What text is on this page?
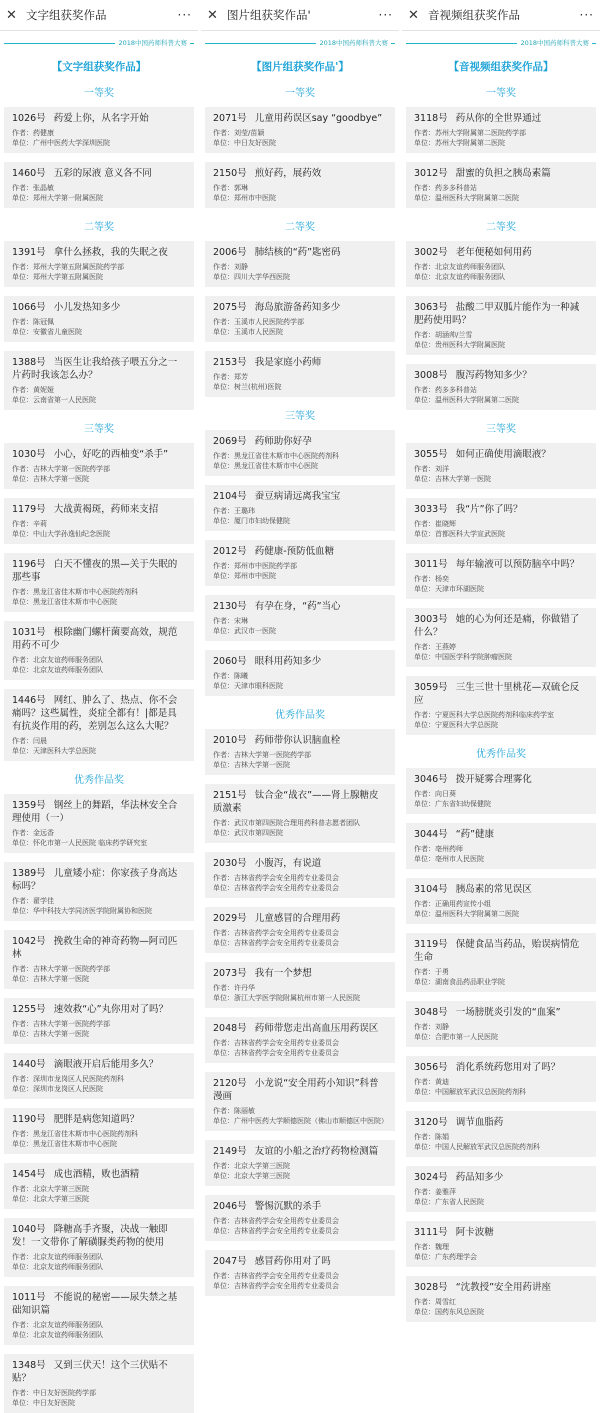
✕ 文字组获奖作品	···
2018中国药师科普大赛
【文字组获奖作品】
一等奖
1026号 药爱上你，从名字开始
作者：药健康
单位：广州中医药大学深圳医院
1460号 五彩的尿液 意义各不同
作者：张晶敏
单位：郑州大学第一附属医院
二等奖
1391号 拿什么拯救，我的失眠之夜
作者：郑州大学第五附属医院药学部
单位：郑州大学第五附属医院
1066号 小儿发热知多少
作者：陈冠佩
单位：安徽省儿童医院
1388号 当医生让我给孩子喂五分之一片药时我该怎么办？
作者：黄妮娅
单位：云南省第一人民医院
三等奖
1030号 小心，好吃的西柚变“杀手”
作者：吉林大学第一医院药学部
单位：吉林大学第一医院
1179号 大战黄褐斑，药师来支招
作者：辛莉
单位：中山大学孙逸仙纪念医院
1196号 白天不懂夜的黑—关于失眠的那些事
作者：黑龙江省佳木斯市中心医院药剂科
单位：黑龙江省佳木斯市中心医院
1031号 根除幽门螺杆菌要高效，规范用药不可少
作者：北京友谊药师服务团队
单位：北京友谊药师服务团队
1446号 网红、肿么了、热点、你不会痛吗？这些属性，炎症全都有！|都是具有抗炎作用的药，差别怎么这么大呢？
作者：闫晨
单位：天津医科大学总医院
优秀作品奖
1359号 钢丝上的舞蹈，华法林安全合理使用（一）
作者：金远香
单位：怀化市第一人民医院 临床药学研究室
1389号 儿童矮小症：你家孩子身高达标吗？
作者：翟学佳
单位：华中科技大学同济医学院附属协和医院
1042号 挽救生命的神奇药物—阿司匹林
作者：吉林大学第一医院药学部
单位：吉林大学第一医院
1255号 速效救“心”丸你用对了吗？
作者：吉林大学第一医院药学部
单位：吉林大学第一医院
1440号 滴眼液开启后能用多久？
作者：深圳市龙岗区人民医院药剂科
单位：深圳市龙岗区人民医院
1190号 肥胖是病您知道吗？
作者：黑龙江省佳木斯市中心医院药剂科
单位：黑龙江省佳木斯市中心医院
1454号 成也酒精，败也酒精
作者：北京大学第三医院
单位：北京大学第三医院
1040号 降糖高手齐聚，决战一触即发！一文带你了解磺脲类药物的使用
作者：北京友谊药师服务团队
单位：北京友谊药师服务团队
1011号 不能说的秘密——尿失禁之基础知识篇
作者：北京友谊药师服务团队
单位：北京友谊药师服务团队
1348号 又到三伏天！这个三伏贴不贴？
作者：中日友好医院药学部
单位：中日友好医院
✕ 图片组获奖作品'	···
2018中国药师科普大赛
【图片组获奖作品'】
一等奖
2071号 儿童用药误区say “goodbye”
作者：刘莹/苗颖
单位：中日友好医院
2150号 煎好药，展药效
作者：郭琳
单位：郑州市中医院
二等奖
2006号 肺结核的“药”匙密码
作者：刘静
单位：四川大学华西医院
2075号 海岛旅游备药知多少
作者：玉溪市人民医院药学部
单位：玉溪市人民医院
2153号 我是家庭小药师
作者：郑芳
单位：树兰(杭州)医院
三等奖
2069号 药师助你好孕
作者：黑龙江省佳木斯市中心医院药剂科
单位：黑龙江省佳木斯市中心医院
2104号 蚕豆病请远离我宝宝
作者：王璐玮
单位：厦门市妇幼保健院
2012号 药健康-预防低血糖
作者：郑州市中医院药学部
单位：郑州市中医院
2130号 有孕在身，“药”当心
作者：宋琳
单位：武汉市一医院
2060号 眼科用药知多少
作者：陈曦
单位：天津市眼科医院
优秀作品奖
2010号 药师带你认识脑血栓
作者：吉林大学第一医院药学部
单位：吉林大学第一医院
2151号 钛合金“战衣”——肾上腺糖皮质激素
作者：武汉市第四医院合理用药科普志愿者团队
单位：武汉市第四医院
2030号 小腹泻，有说道
作者：吉林省药学会安全用药专业委员会
单位：吉林省药学会安全用药专业委员会
2029号 儿童感冒的合理用药
作者：吉林省药学会安全用药专业委员会
单位：吉林省药学会安全用药专业委员会
2073号 我有一个梦想
作者：许丹华
单位：浙江大学医学院附属杭州市第一人民医院
2048号 药师带您走出高血压用药误区
作者：吉林省药学会安全用药专业委员会
单位：吉林省药学会安全用药专业委员会
2120号 小龙说“安全用药小知识”科普漫画
作者：陈丽敏
单位：广州中医药大学顺德医院（佛山市顺德区中医院）
2149号 友谊的小船之治疗药物检测篇
作者：北京大学第三医院
单位：北京大学第三医院
2046号 警惕沉默的杀手
作者：吉林省药学会安全用药专业委员会
单位：吉林省药学会安全用药专业委员会
2047号 感冒药你用对了吗
作者：吉林省药学会安全用药专业委员会
单位：吉林省药学会安全用药专业委员会
✕ 音视频组获奖作品	···
2018中国药师科普大赛
【音视频组获奖作品】
一等奖
3118号 药从你的全世界通过
作者：苏州大学附属第二医院药学部
单位：苏州大学附属第二医院
3012号 甜蜜的负担之胰岛素篇
作者：药多多科普站
单位：温州医科大学附属第二医院
二等奖
3002号 老年便秘如何用药
作者：北京友谊药师服务团队
单位：北京友谊药师服务团队
3063号 盐酸二甲双胍片能作为一种减肥药使用吗？
作者：胡涵帅/兰雪
单位：贵州医科大学附属医院
3008号 腹泻药物知多少？
作者：药多多科普站
单位：温州医科大学附属第二医院
三等奖
3055号 如何正确使用滴眼液？
作者：刘洋
单位：吉林大学第一医院
3033号 我“片”你了吗？
作者：崔晓辉
单位：首都医科大学宣武医院
3011号 每年输液可以预防脑卒中吗？
作者：杨奕
单位：天津市环湖医院
3003号 她的心为何还是痛，你做错了什么？
作者：王燕婷
单位：中国医学科学院肿瘤医院
3059号 三生三世十里桃花—双硫仑反应
作者：宁夏医科大学总医院药剂科临床药学室
单位：宁夏医科大学总医院
优秀作品奖
3046号 拨开疑雾合理雾化
作者：向日葵
单位：广东省妇幼保健院
3044号 “药”健康
作者：亳州药师
单位：亳州市人民医院
3104号 胰岛素的常见误区
作者：正确用药宣传小组
单位：温州医科大学附属第二医院
3119号 保健食品当药品，贻误病情危生命
作者：于勇
单位：湖南食品药品职业学院
3048号 一场膀胱炎引发的“血案”
作者：刘静
单位：合肥市第一人民医院
3056号 消化系统药您用对了吗？
作者：黄迪
单位：中国解放军武汉总医院药剂科
3120号 调节血脂药
作者：陈娟
单位：中国人民解放军武汉总医院药剂科
3024号 药品知多少
作者：姜雅萍
单位：广东省人民医院
3111号 阿卡波糖
作者：魏理
单位：广东药理学会
3028号 “沈教授”安全用药讲座
作者：周雪红
单位：国药东风总医院
